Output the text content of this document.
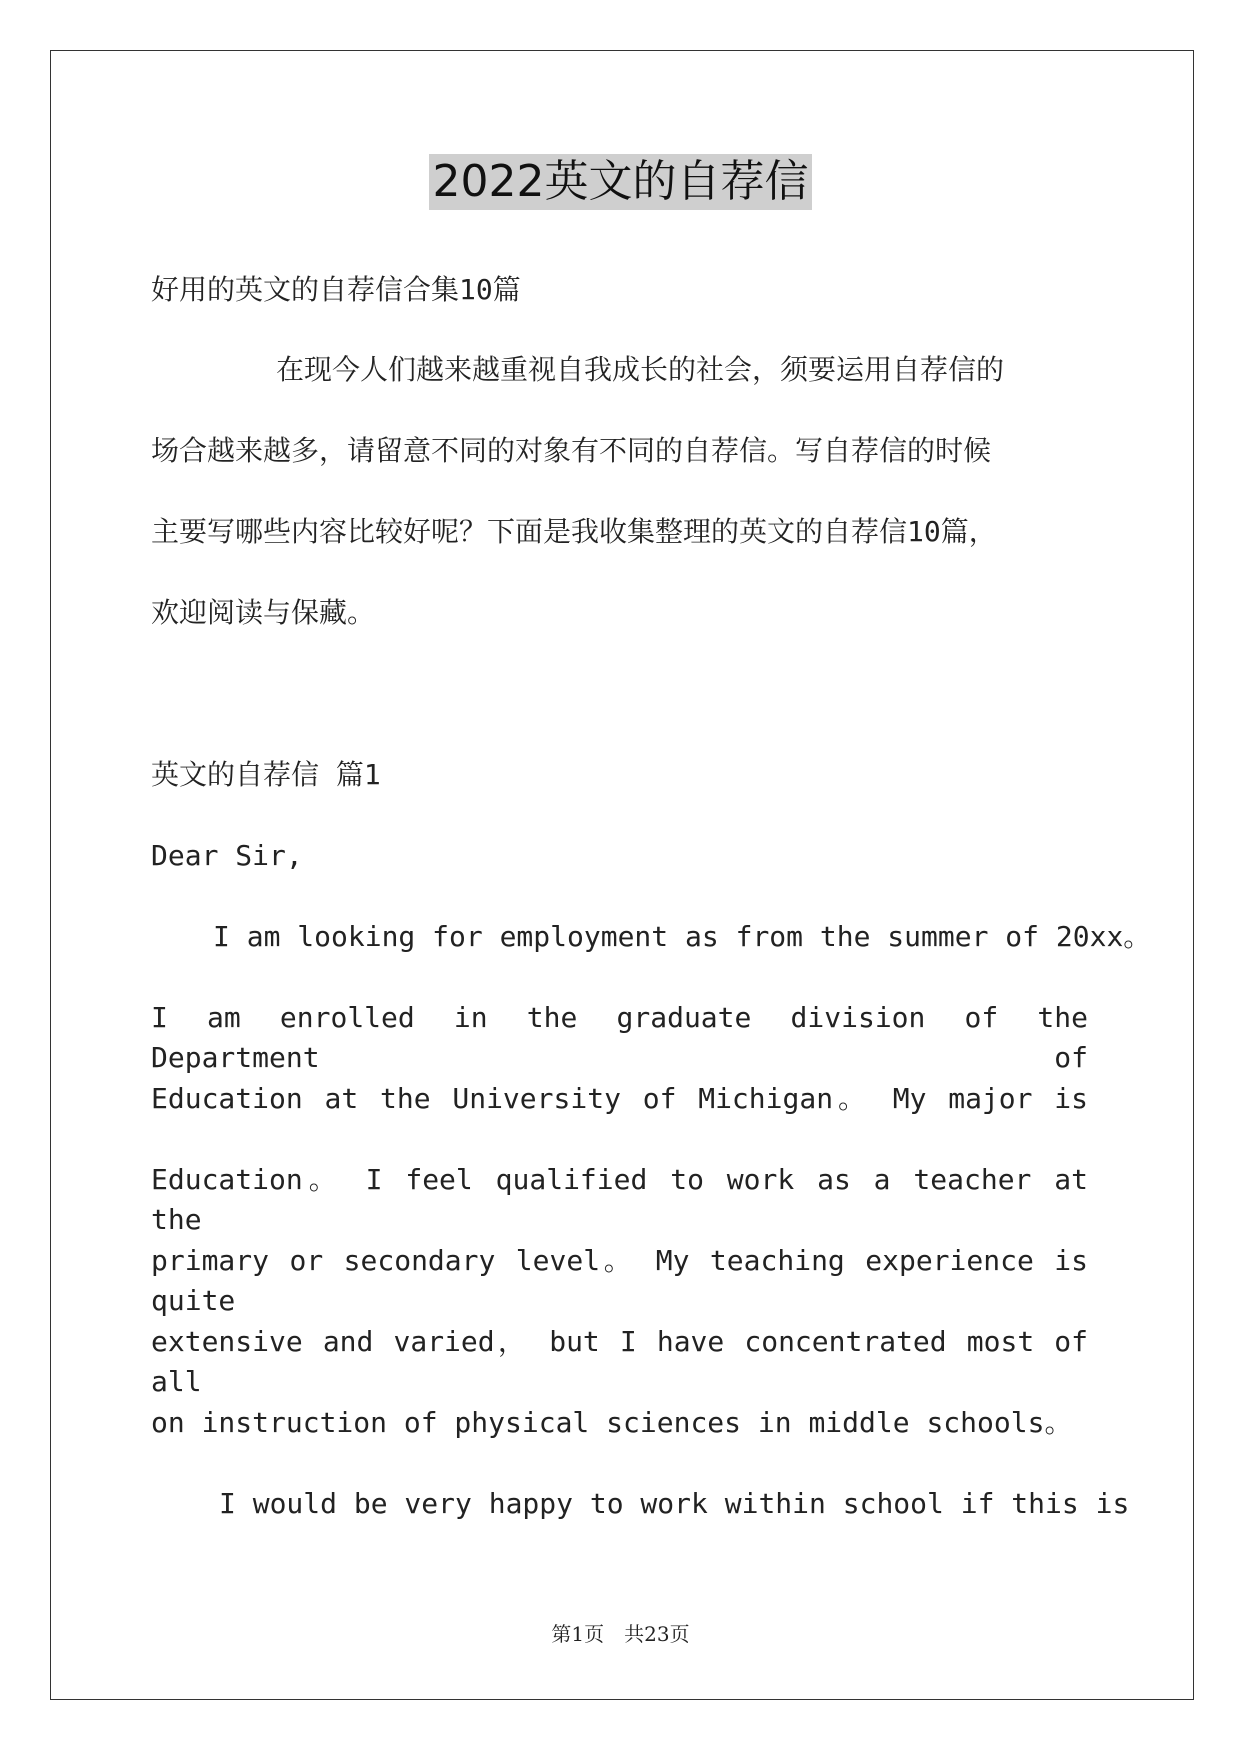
2022英文的自荐信
好用的英文的自荐信合集10篇
在现今人们越来越重视自我成长的社会，须要运用自荐信的
场合越来越多，请留意不同的对象有不同的自荐信。写自荐信的时候
主要写哪些内容比较好呢？下面是我收集整理的英文的自荐信10篇，
欢迎阅读与保藏。
英文的自荐信 篇1
Dear Sir,
I am looking for employment as from the summer of 20xx。
I am enrolled in the graduate division of the Department of
Education at the University of Michigan。 My major is
Education。 I feel qualified to work as a teacher at the
primary or secondary level。 My teaching experience is quite
extensive and varied， but I have concentrated most of all
on instruction of physical sciences in middle schools。
I would be very happy to work within school if this is
第1页　共23页
